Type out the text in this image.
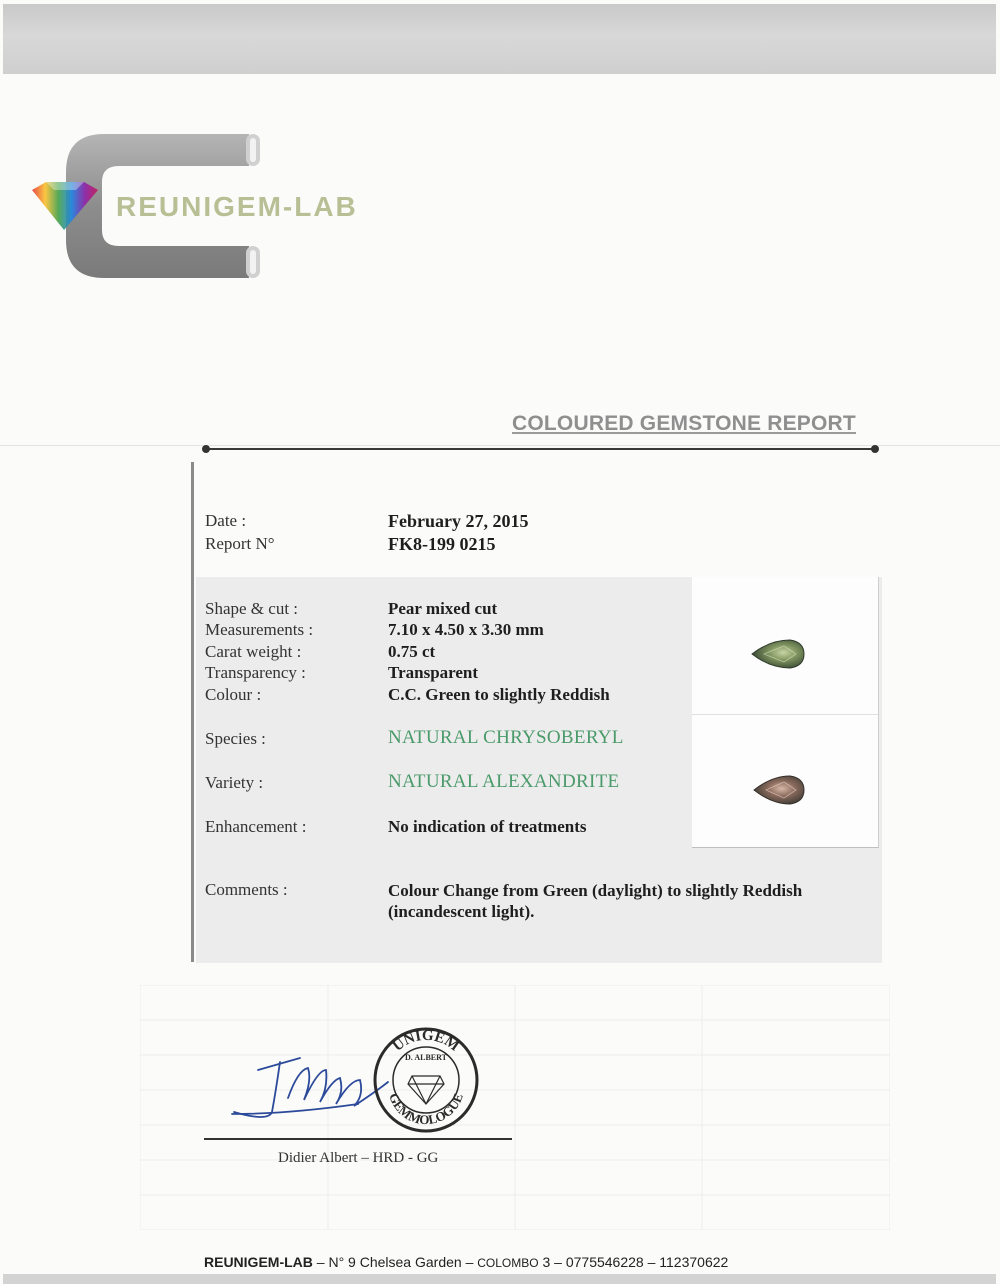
REUNIGEM-LAB
COLOURED GEMSTONE REPORT
Date :	February 27, 2015
Report N°	FK8-199 0215
Shape & cut :	Pear mixed cut
Measurements :	7.10 x 4.50 x 3.30 mm
Carat weight :	0.75 ct
Transparency :	Transparent
Colour :	C.C. Green to slightly Reddish
Species :	NATURAL CHRYSOBERYL
Variety :	NATURAL ALEXANDRITE
Enhancement :	No indication of treatments
Comments :	Colour Change from Green (daylight) to slightly Reddish (incandescent light).
UNIGEM
GEMMOLOGUE
D. ALBERT
Didier Albert – HRD - GG
REUNIGEM-LAB – N° 9 Chelsea Garden – COLOMBO 3 – 0775546228 – 112370622
